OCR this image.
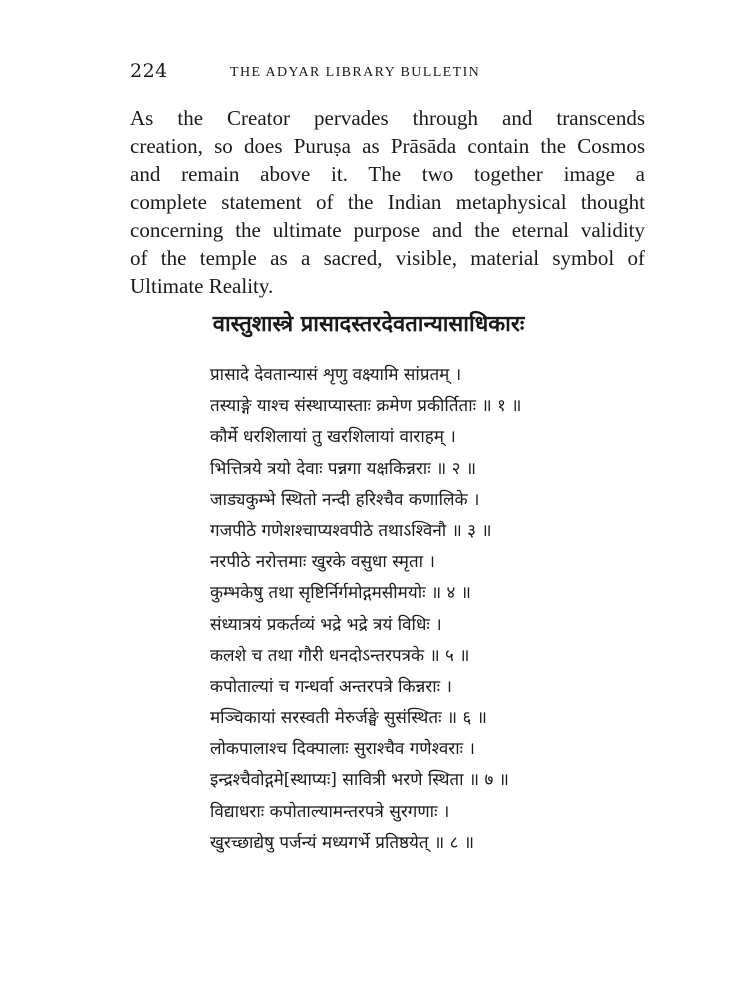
224	THE ADYAR LIBRARY BULLETIN
As the Creator pervades through and transcends
creation, so does Puruṣa as Prāsāda contain the Cosmos
and remain above it. The two together image a
complete statement of the Indian metaphysical thought
concerning the ultimate purpose and the eternal validity
of the temple as a sacred, visible, material symbol of
Ultimate Reality.
वास्तुशास्त्रे प्रासादस्तरदेवतान्यासाधिकारः
प्रासादे देवतान्यासं शृणु वक्ष्यामि सांप्रतम् ।
तस्याङ्गे याश्च संस्थाप्यास्ताः क्रमेण प्रकीर्तिताः ॥ १ ॥
कौर्मे धरशिलायां तु खरशिलायां वाराहम् ।
भित्तित्रये त्रयो देवाः पन्नगा यक्षकिन्नराः ॥ २ ॥
जाड्यकुम्भे स्थितो नन्दी हरिश्चैव कणालिके ।
गजपीठे गणेशश्चाप्यश्वपीठे तथाऽश्विनौ ॥ ३ ॥
नरपीठे नरोत्तमाः खुरके वसुधा स्मृता ।
कुम्भकेषु तथा सृष्टिर्निर्गमोद्गमसीमयोः ॥ ४ ॥
संध्यात्रयं प्रकर्तव्यं भद्रे भद्रे त्रयं विधिः ।
कलशे च तथा गौरी धनदोऽन्तरपत्रके ॥ ५ ॥
कपोताल्यां च गन्धर्वा अन्तरपत्रे किन्नराः ।
मञ्चिकायां सरस्वती मेरुर्जङ्घे सुसंस्थितः ॥ ६ ॥
लोकपालाश्च दिक्पालाः सुराश्चैव गणेश्वराः ।
इन्द्रश्चैवोद्गमे[स्थाप्यः] सावित्री भरणे स्थिता ॥ ७ ॥
विद्याधराः कपोताल्यामन्तरपत्रे सुरगणाः ।
खुरच्छाद्येषु पर्जन्यं मध्यगर्भे प्रतिष्ठयेत् ॥ ८ ॥
